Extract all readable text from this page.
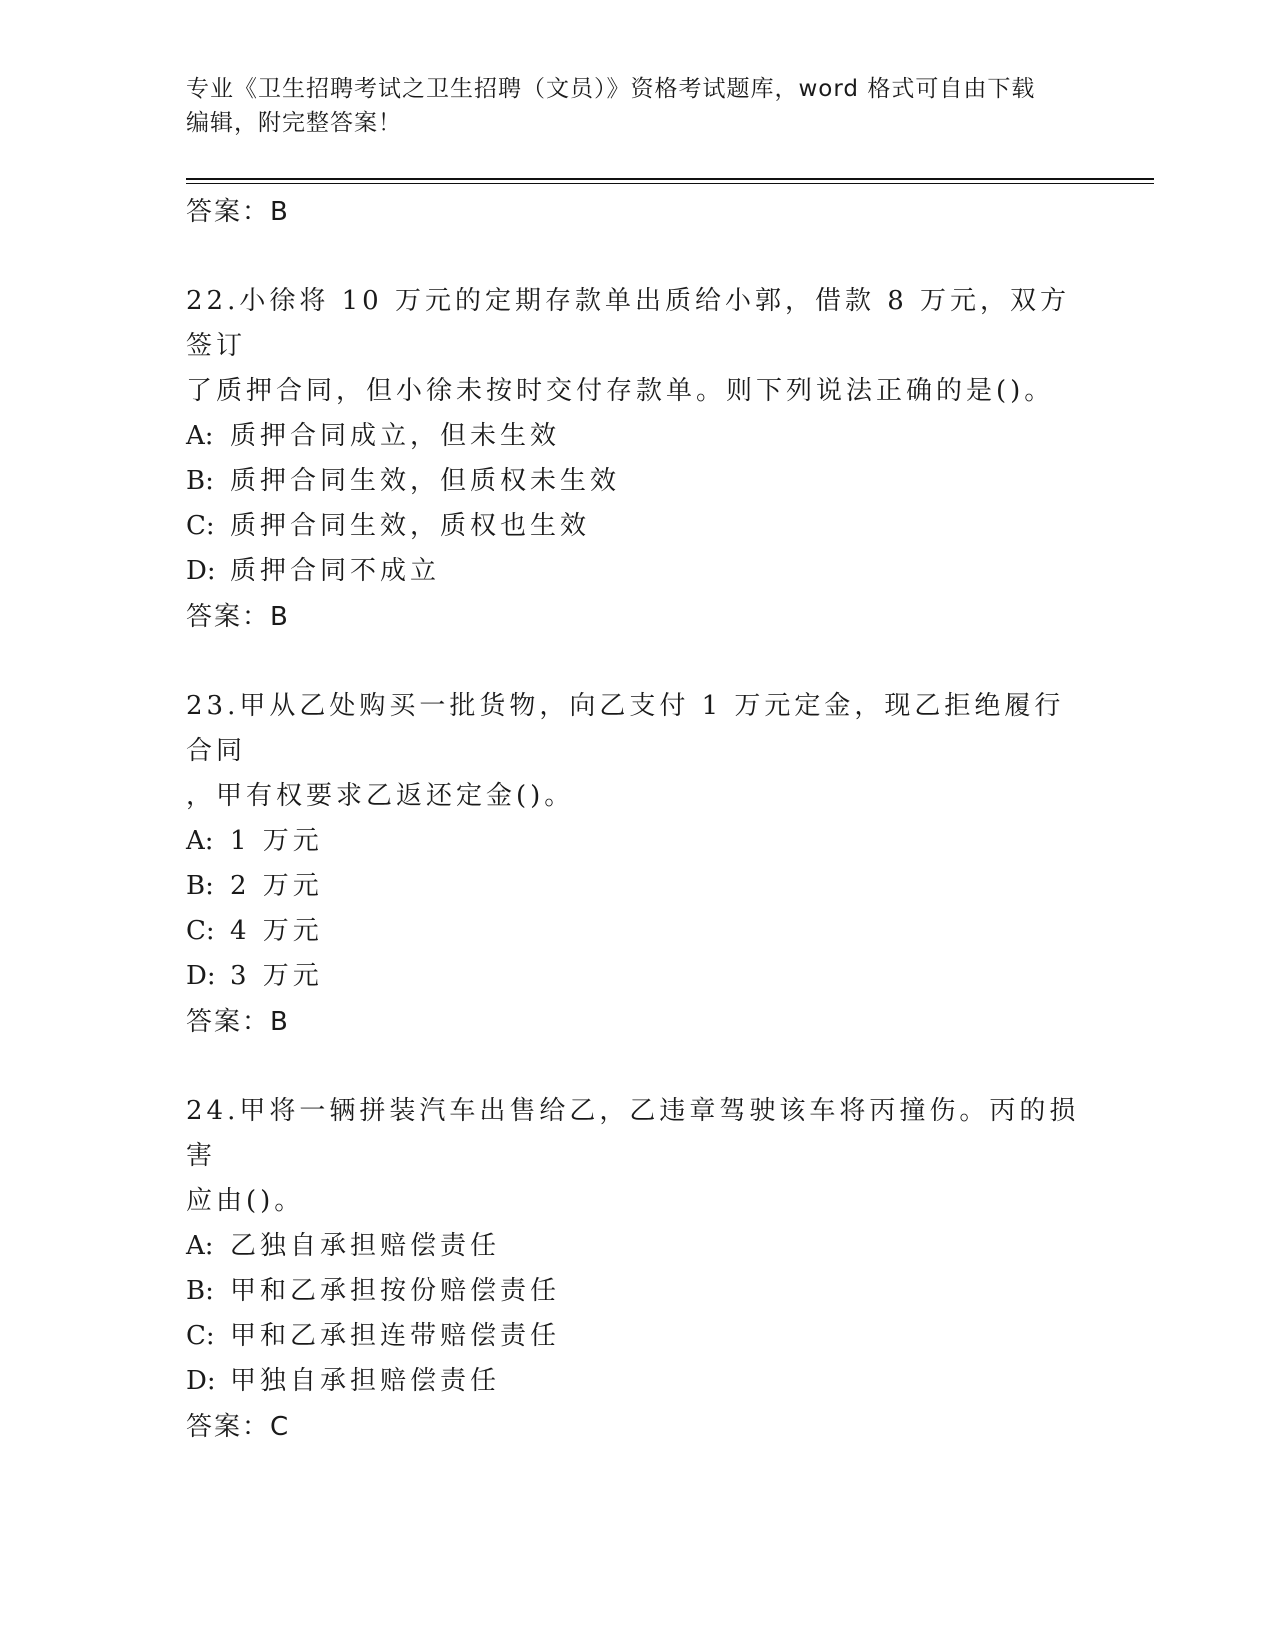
专业《卫生招聘考试之卫生招聘（文员）》资格考试题库，word 格式可自由下载
编辑，附完整答案！
答案：B
22.小徐将 10 万元的定期存款单出质给小郭，借款 8 万元，双方签订
了质押合同，但小徐未按时交付存款单。则下列说法正确的是()。
A: 质押合同成立，但未生效
B: 质押合同生效，但质权未生效
C: 质押合同生效，质权也生效
D: 质押合同不成立
答案：B
23.甲从乙处购买一批货物，向乙支付 1 万元定金，现乙拒绝履行合同
，甲有权要求乙返还定金()。
A: 1 万元
B: 2 万元
C: 4 万元
D: 3 万元
答案：B
24.甲将一辆拼装汽车出售给乙，乙违章驾驶该车将丙撞伤。丙的损害
应由()。
A: 乙独自承担赔偿责任
B: 甲和乙承担按份赔偿责任
C: 甲和乙承担连带赔偿责任
D: 甲独自承担赔偿责任
答案：C
